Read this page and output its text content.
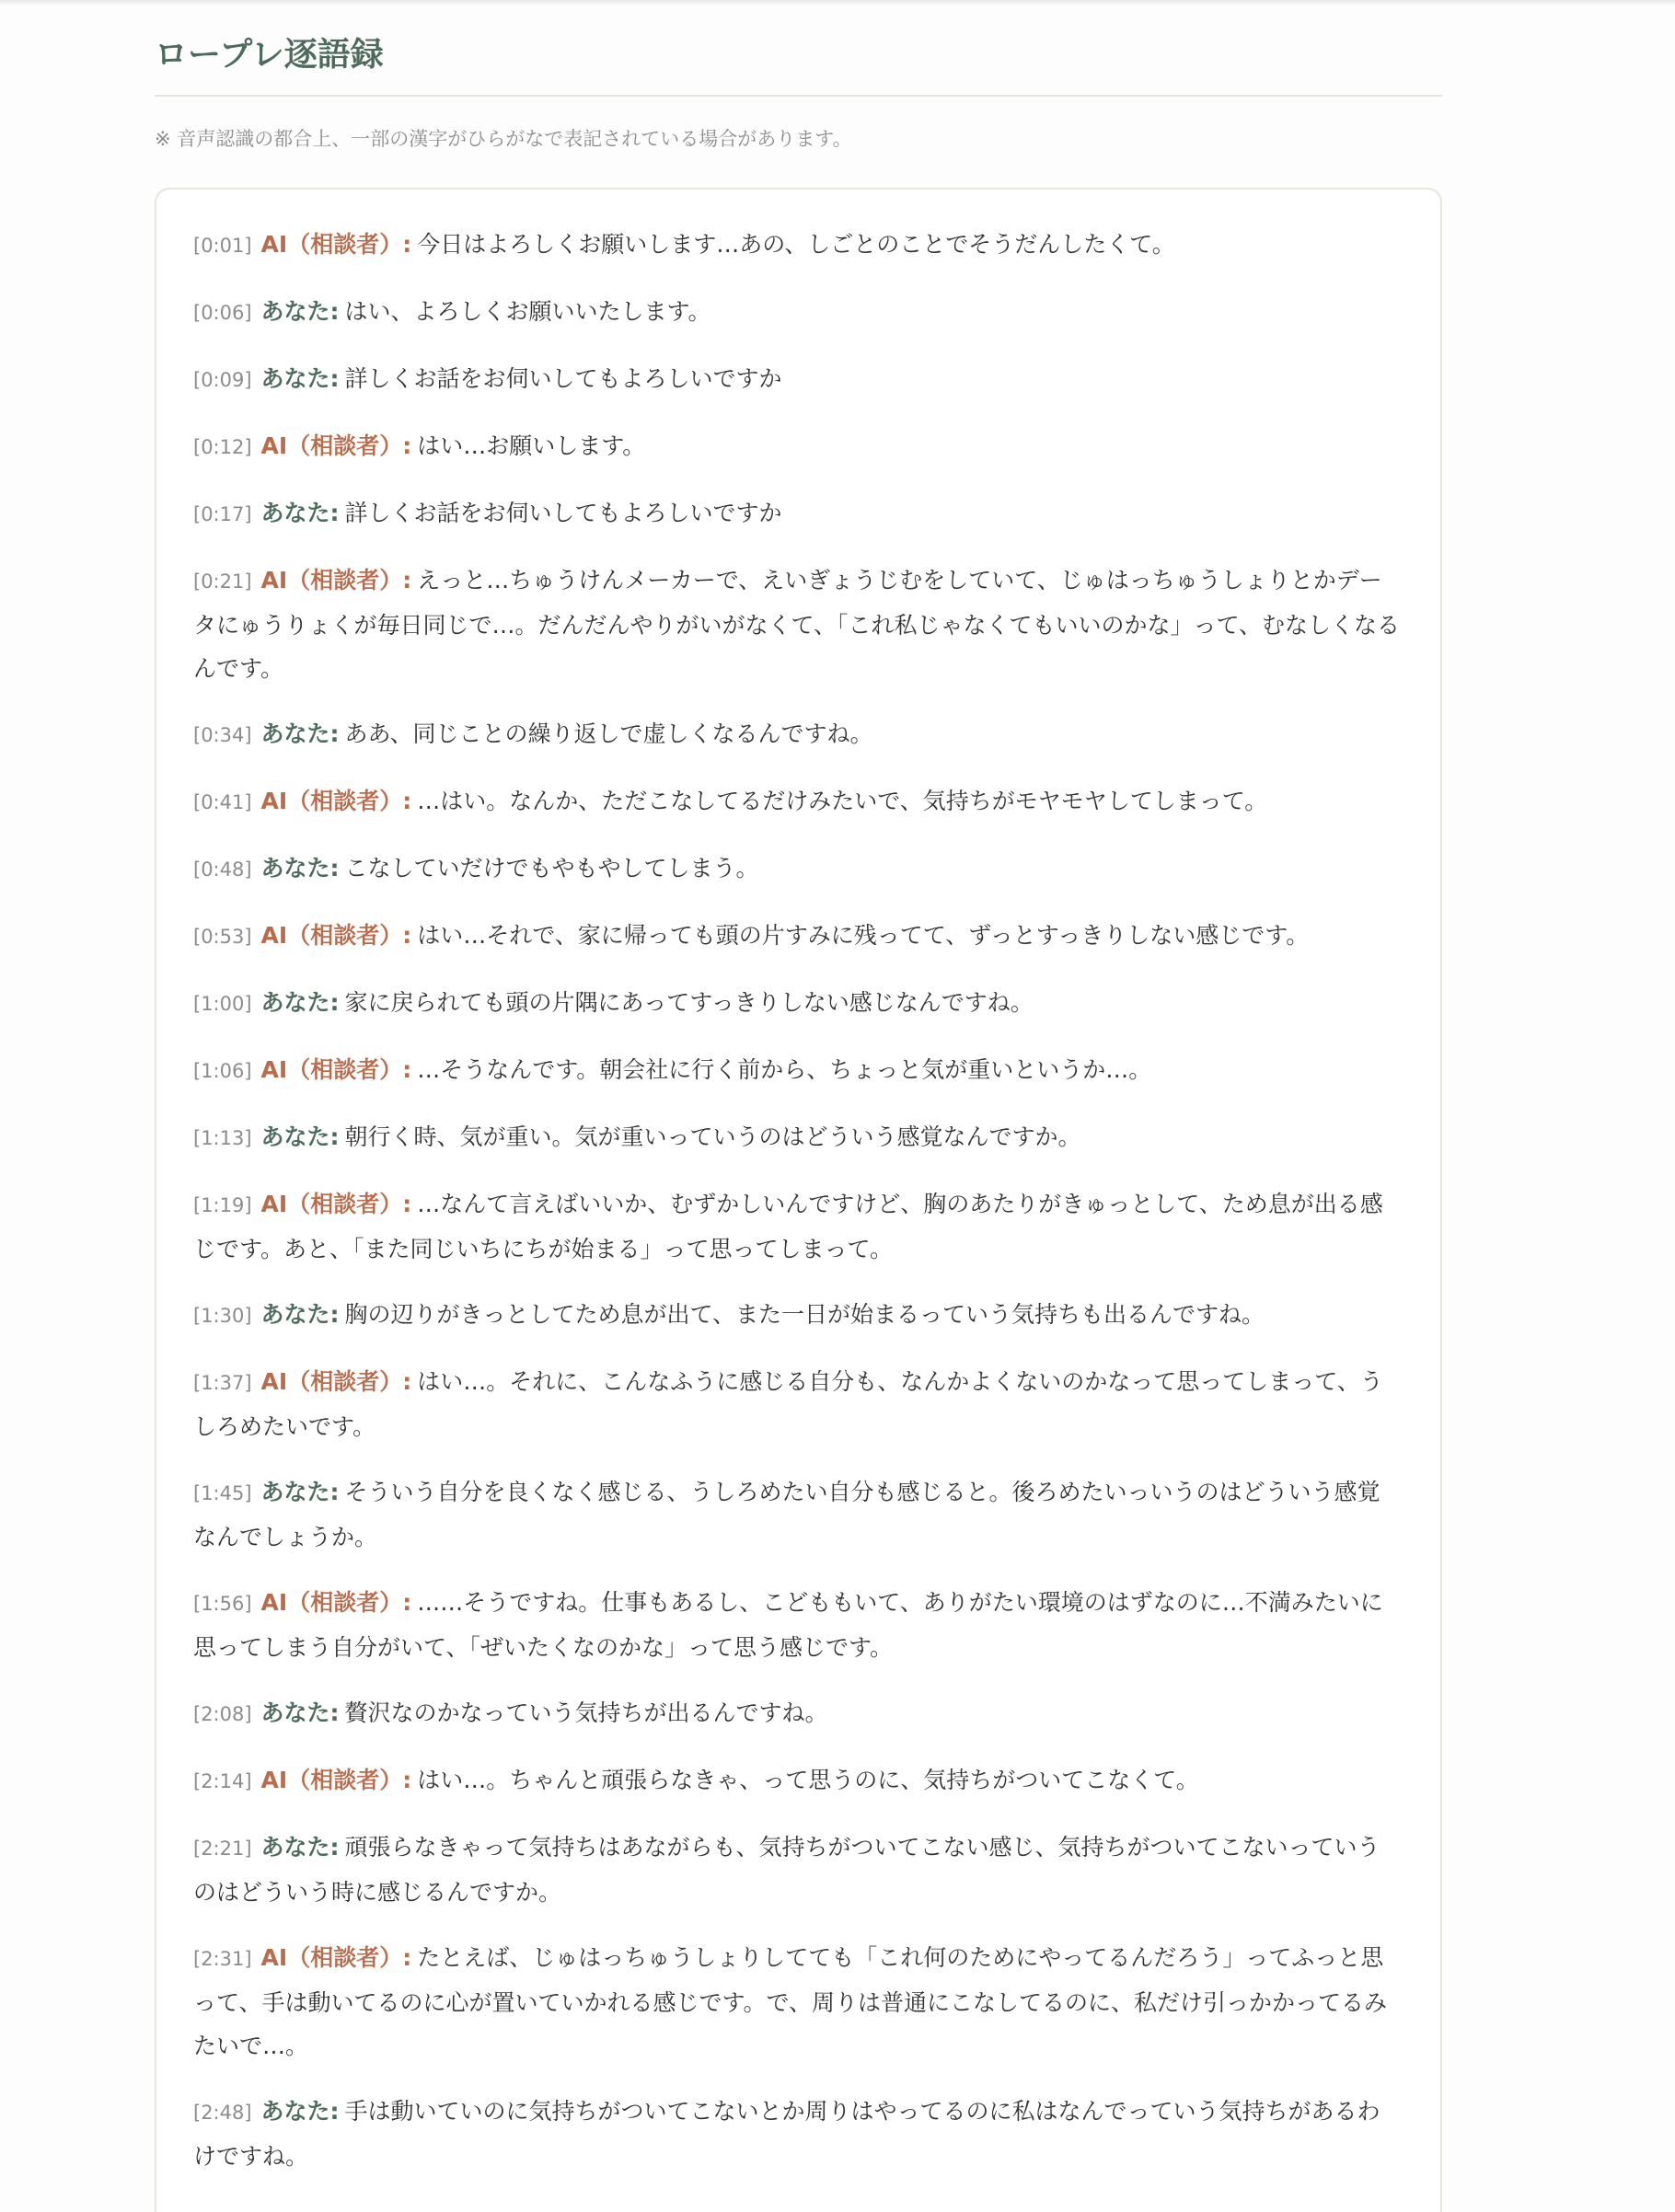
ロープレ逐語録
※ 音声認識の都合上、一部の漢字がひらがなで表記されている場合があります。
[0:01] AI（相談者）: 今日はよろしくお願いします…あの、しごとのことでそうだんしたくて。
[0:06] あなた: はい、よろしくお願いいたします。
[0:09] あなた: 詳しくお話をお伺いしてもよろしいですか
[0:12] AI（相談者）: はい…お願いします。
[0:17] あなた: 詳しくお話をお伺いしてもよろしいですか
[0:21] AI（相談者）: えっと…ちゅうけんメーカーで、えいぎょうじむをしていて、じゅはっちゅうしょりとかデータにゅうりょくが毎日同じで…。だんだんやりがいがなくて、「これ私じゃなくてもいいのかな」って、むなしくなるんです。
[0:34] あなた: ああ、同じことの繰り返しで虚しくなるんですね。
[0:41] AI（相談者）: …はい。なんか、ただこなしてるだけみたいで、気持ちがモヤモヤしてしまって。
[0:48] あなた: こなしていだけでもやもやしてしまう。
[0:53] AI（相談者）: はい…それで、家に帰っても頭の片すみに残ってて、ずっとすっきりしない感じです。
[1:00] あなた: 家に戻られても頭の片隅にあってすっきりしない感じなんですね。
[1:06] AI（相談者）: …そうなんです。朝会社に行く前から、ちょっと気が重いというか…。
[1:13] あなた: 朝行く時、気が重い。気が重いっていうのはどういう感覚なんですか。
[1:19] AI（相談者）: …なんて言えばいいか、むずかしいんですけど、胸のあたりがきゅっとして、ため息が出る感じです。あと、「また同じいちにちが始まる」って思ってしまって。
[1:30] あなた: 胸の辺りがきっとしてため息が出て、また一日が始まるっていう気持ちも出るんですね。
[1:37] AI（相談者）: はい…。それに、こんなふうに感じる自分も、なんかよくないのかなって思ってしまって、うしろめたいです。
[1:45] あなた: そういう自分を良くなく感じる、うしろめたい自分も感じると。後ろめたいっいうのはどういう感覚なんでしょうか。
[1:56] AI（相談者）: ……そうですね。仕事もあるし、こどももいて、ありがたい環境のはずなのに…不満みたいに思ってしまう自分がいて、「ぜいたくなのかな」って思う感じです。
[2:08] あなた: 贅沢なのかなっていう気持ちが出るんですね。
[2:14] AI（相談者）: はい…。ちゃんと頑張らなきゃ、って思うのに、気持ちがついてこなくて。
[2:21] あなた: 頑張らなきゃって気持ちはあながらも、気持ちがついてこない感じ、気持ちがついてこないっていうのはどういう時に感じるんですか。
[2:31] AI（相談者）: たとえば、じゅはっちゅうしょりしてても「これ何のためにやってるんだろう」ってふっと思って、手は動いてるのに心が置いていかれる感じです。で、周りは普通にこなしてるのに、私だけ引っかかってるみたいで…。
[2:48] あなた: 手は動いていのに気持ちがついてこないとか周りはやってるのに私はなんでっていう気持ちがあるわけですね。
